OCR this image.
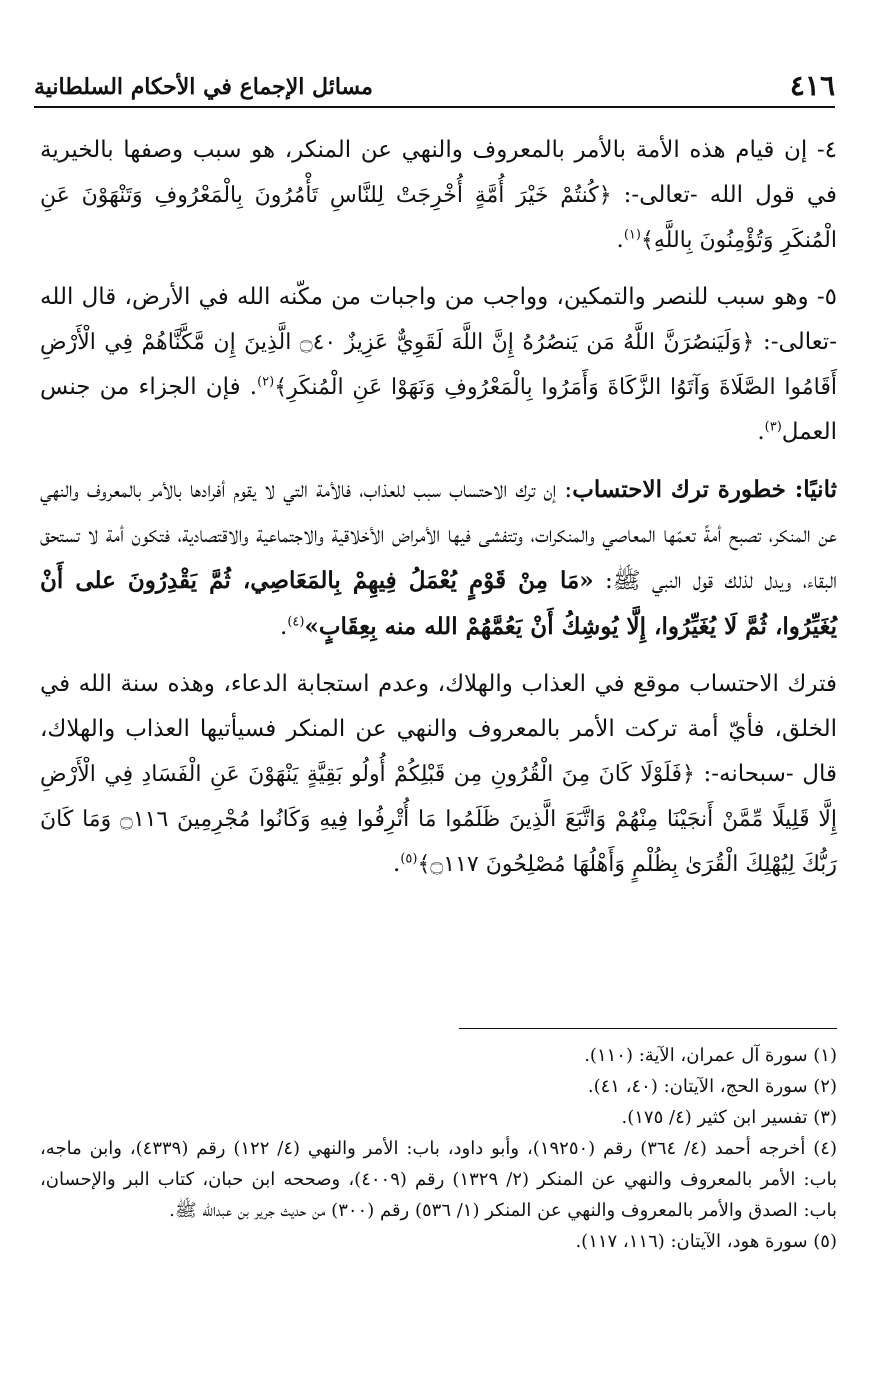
٤١٦
مسائل الإجماع في الأحكام السلطانية

٤- إن قيام هذه الأمة بالأمر بالمعروف والنهي عن المنكر، هو سبب وصفها بالخيرية في قول الله -تعالى-: ﴿كُنتُمْ خَيْرَ أُمَّةٍ أُخْرِجَتْ لِلنَّاسِ تَأْمُرُونَ بِالْمَعْرُوفِ وَتَنْهَوْنَ عَنِ الْمُنكَرِ وَتُؤْمِنُونَ بِاللَّهِ﴾$^{(١)}$.

٥- وهو سبب للنصر والتمكين، وواجب من واجبات من مكّنه الله في الأرض، قال الله -تعالى-: ﴿وَلَيَنصُرَنَّ اللَّهُ مَن يَنصُرُهُ إِنَّ اللَّهَ لَقَوِيٌّ عَزِيزٌ ۝٤٠ الَّذِينَ إِن مَّكَّنَّاهُمْ فِي الْأَرْضِ أَقَامُوا الصَّلَاةَ وَآتَوُا الزَّكَاةَ وَأَمَرُوا بِالْمَعْرُوفِ وَنَهَوْا عَنِ الْمُنكَرِ﴾$^{(٢)}$. فإن الجزاء من جنس العمل$^{(٣)}$.

ثانيًا: خطورة ترك الاحتساب: إن ترك الاحتساب سبب للعذاب، فالأمة التي لا يقوم أفرادها بالأمر بالمعروف والنهي عن المنكر، تصبح أمةً تعمّها المعاصي والمنكرات، وتتفشى فيها الأمراض الأخلاقية والاجتماعية والاقتصادية، فتكون أمة لا تستحق البقاء، ويدل لذلك قول النبي ﷺ: «مَا مِنْ قَوْمٍ يُعْمَلُ فِيهِمْ بِالمَعَاصِي، ثُمَّ يَقْدِرُونَ على أَنْ يُغَيِّرُوا، ثُمَّ لَا يُغَيِّرُوا، إِلَّا يُوشِكُ أَنْ يَعُمَّهُمْ الله منه بِعِقَابٍ»$^{(٤)}$.

فترك الاحتساب موقع في العذاب والهلاك، وعدم استجابة الدعاء، وهذه سنة الله في الخلق، فأيّ أمة تركت الأمر بالمعروف والنهي عن المنكر فسيأتيها العذاب والهلاك، قال -سبحانه-: ﴿فَلَوْلَا كَانَ مِنَ الْقُرُونِ مِن قَبْلِكُمْ أُولُو بَقِيَّةٍ يَنْهَوْنَ عَنِ الْفَسَادِ فِي الْأَرْضِ إِلَّا قَلِيلًا مِّمَّنْ أَنجَيْنَا مِنْهُمْ وَاتَّبَعَ الَّذِينَ ظَلَمُوا مَا أُتْرِفُوا فِيهِ وَكَانُوا مُجْرِمِينَ ۝١١٦ وَمَا كَانَ رَبُّكَ لِيُهْلِكَ الْقُرَىٰ بِظُلْمٍ وَأَهْلُهَا مُصْلِحُونَ ۝١١٧﴾$^{(٥)}$.

(١) سورة آل عمران، الآية: (١١٠).

(٢) سورة الحج، الآيتان: (٤٠، ٤١).

(٣) تفسير ابن كثير (٤/ ١٧٥).

(٤) أخرجه أحمد (٤/ ٣٦٤) رقم (١٩٢٥٠)، وأبو داود، باب: الأمر والنهي (٤/ ١٢٢) رقم (٤٣٣٩)، وابن ماجه، باب: الأمر بالمعروف والنهي عن المنكر (٢/ ١٣٢٩) رقم (٤٠٠٩)، وصححه ابن حبان، كتاب البر والإحسان، باب: الصدق والأمر بالمعروف والنهي عن المنكر (١/ ٥٣٦) رقم (٣٠٠) من حديث جرير بن عبدالله ﷺ.

(٥) سورة هود، الآيتان: (١١٦، ١١٧).
